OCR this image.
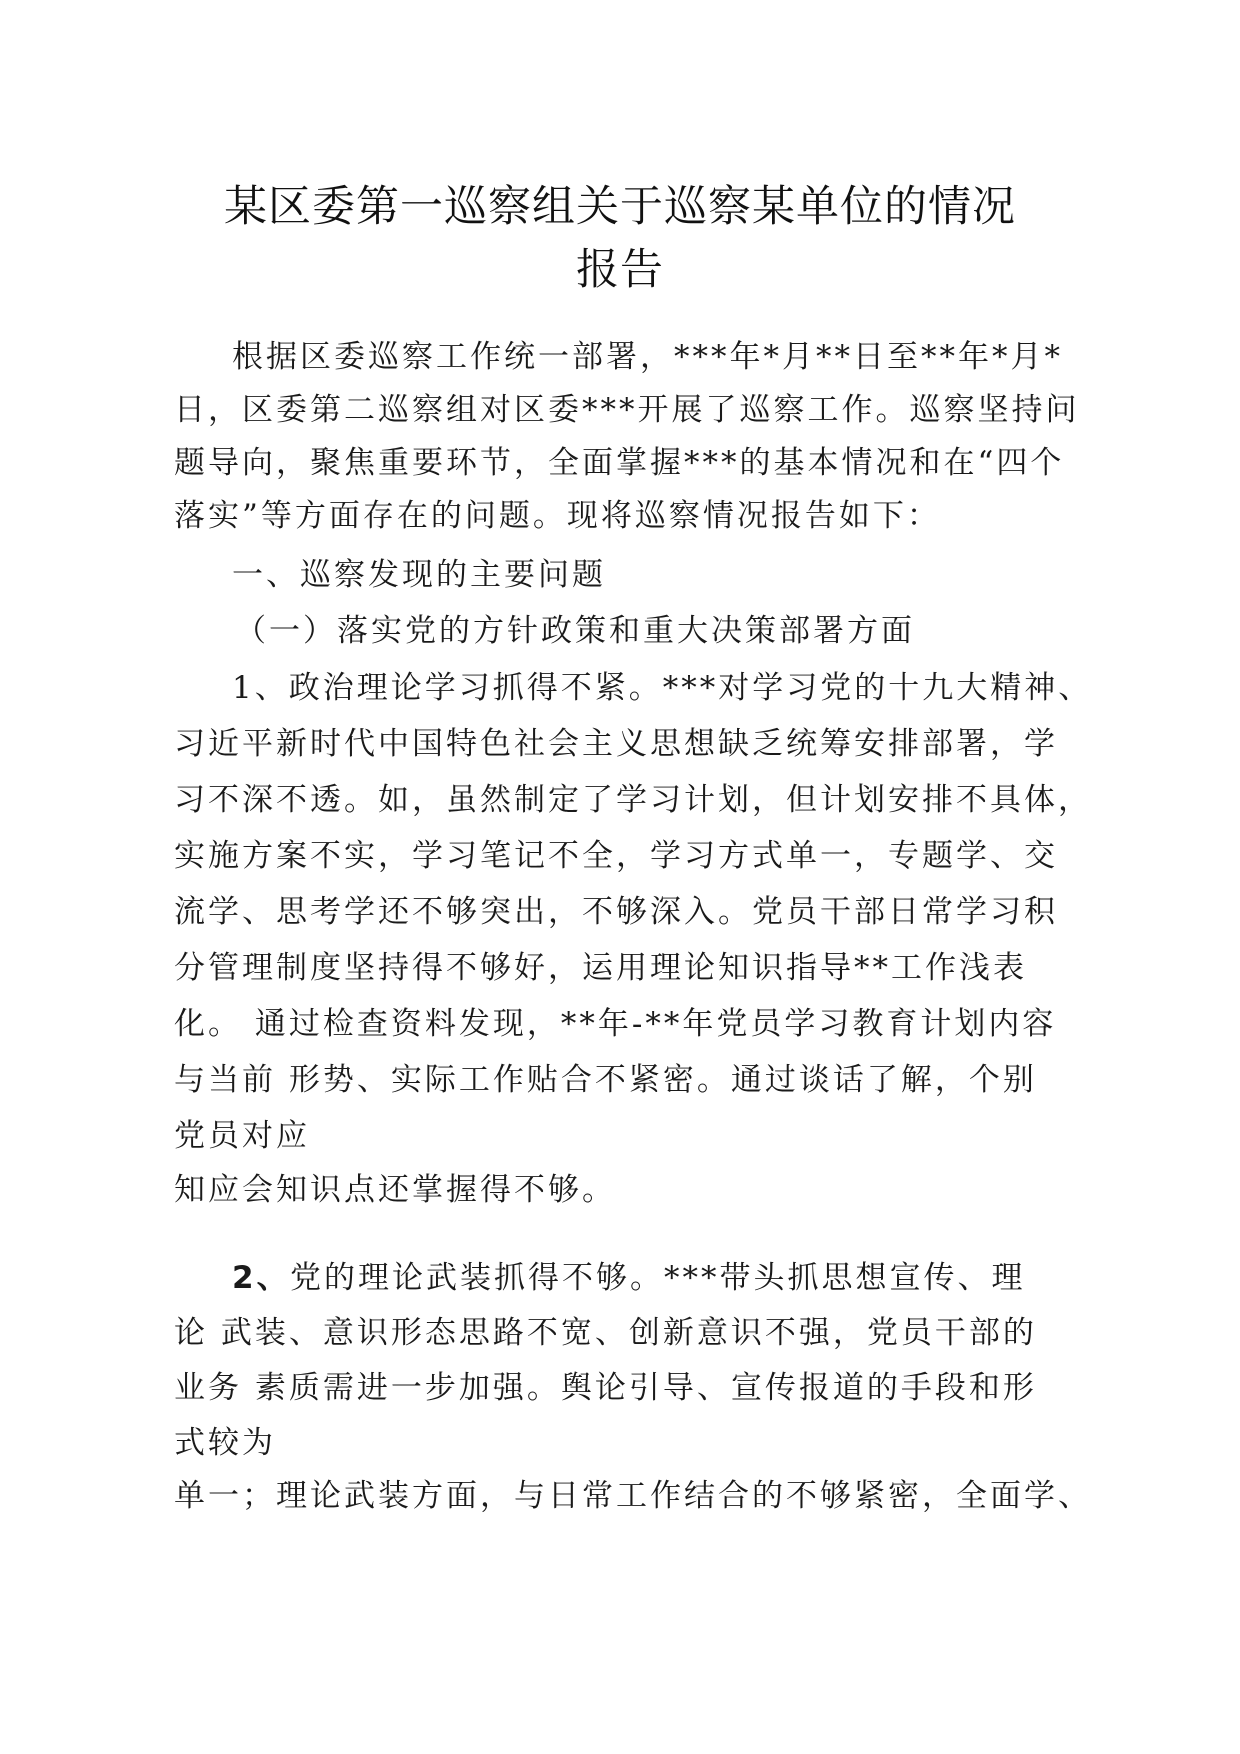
某区委第一巡察组关于巡察某单位的情况
报告

根据区委巡察工作统一部署，***年*月**日至**年*月*

日，区委第二巡察组对区委***开展了巡察工作。巡察坚持问

题导向，聚焦重要环节，全面掌握***的基本情况和在“四个

落实”等方面存在的问题。现将巡察情况报告如下：

一、巡察发现的主要问题

（一）落实党的方针政策和重大决策部署方面

1、政治理论学习抓得不紧。***对学习党的十九大精神、

习近平新时代中国特色社会主义思想缺乏统筹安排部署，学

习不深不透。如，虽然制定了学习计划，但计划安排不具体，

实施方案不实，学习笔记不全，学习方式单一，专题学、交

流学、思考学还不够突出，不够深入。党员干部日常学习积

分管理制度坚持得不够好，运用理论知识指导**工作浅表

化。 通过检查资料发现，**年-**年党员学习教育计划内容

与当前 形势、实际工作贴合不紧密。通过谈话了解，个别

党员对应

知应会知识点还掌握得不够。

2、 党的理论武装抓得不够。***带头抓思想宣传、理

论 武装、意识形态思路不宽、创新意识不强，党员干部的

业务 素质需进一步加强。舆论引导、宣传报道的手段和形

式较为

单一；理论武装方面，与日常工作结合的不够紧密，全面学、
